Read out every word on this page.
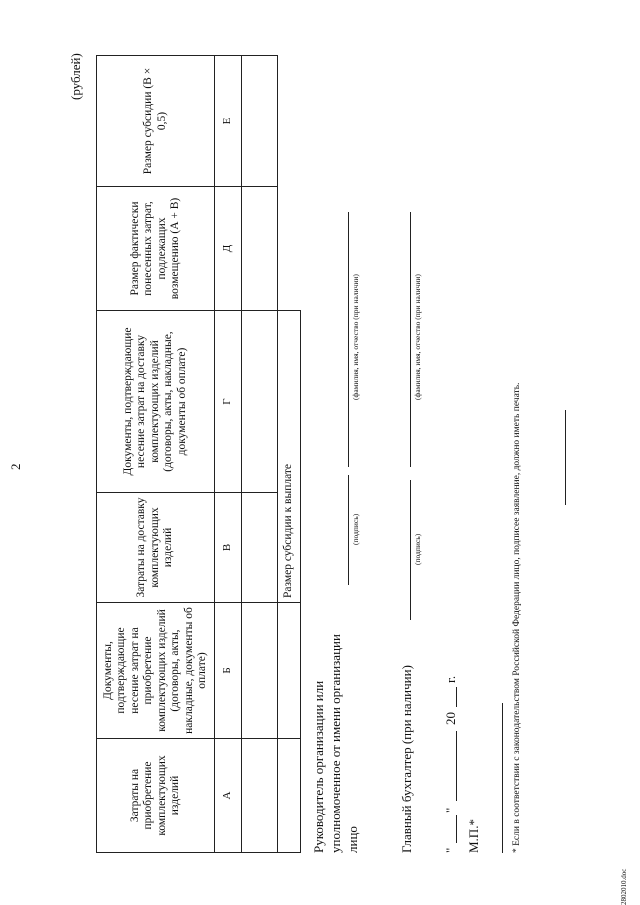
2
(рублей)
Затраты на приобретение комплектующих изделий	Документы, подтверждающие несение затрат на приобретение комплектующих изделий (договоры, акты, накладные, документы об оплате)	Затраты на доставку комплектующих изделий	Документы, подтверждающие несение затрат на доставку комплектующих изделий (договоры, акты, накладные, документы об оплате)	Размер фактически понесенных затрат, подлежащих возмещению (А + В)	Размер субсидии (В × 0,5)
А	Б	В	Г	Д	Е

		Размер субсидии к выплате			
Руководитель организации или уполномоченное от имени организации лицо
(подпись)
(фамилия, имя, отчество (при наличии)
Главный бухгалтер (при наличии)
(подпись)
(фамилия, имя, отчество (при наличии)
"
"
20
г.
М.П.*	* Если в соответствии с законодательством Российской Федерации лицо, подписее заявление, должно иметь печать.
2802010.doc
